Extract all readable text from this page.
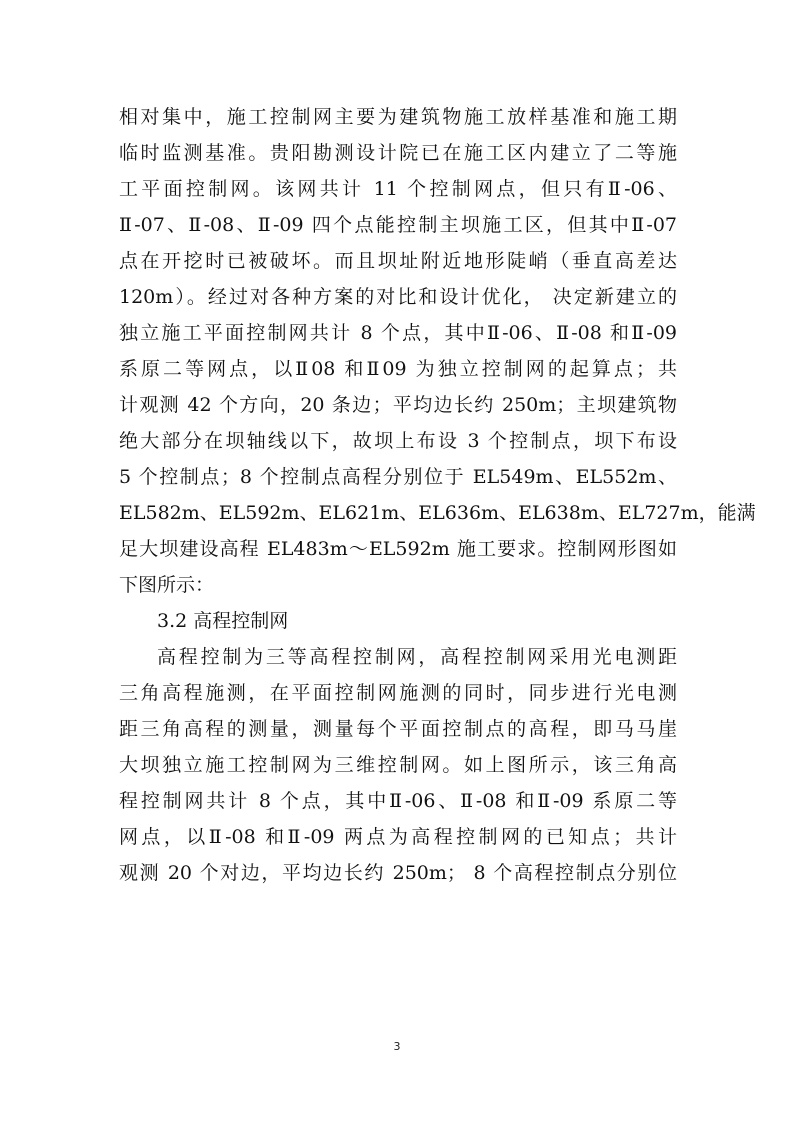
相对集中，施工控制网主要为建筑物施工放样基准和施工期
临时监测基准。贵阳勘测设计院已在施工区内建立了二等施
工平面控制网。该网共计 11 个控制网点，但只有Ⅱ-06、
Ⅱ-07、Ⅱ-08、Ⅱ-09 四个点能控制主坝施工区，但其中Ⅱ-07
点在开挖时已被破坏。而且坝址附近地形陡峭（垂直高差达
120m）。经过对各种方案的对比和设计优化， 决定新建立的
独立施工平面控制网共计 8 个点，其中Ⅱ-06、Ⅱ-08 和Ⅱ-09
系原二等网点，以Ⅱ08 和Ⅱ09 为独立控制网的起算点；共
计观测 42 个方向，20 条边；平均边长约 250m；主坝建筑物
绝大部分在坝轴线以下，故坝上布设 3 个控制点，坝下布设
5 个控制点；8 个控制点高程分别位于 EL549m、EL552m、
EL582m、EL592m、EL621m、EL636m、EL638m、EL727m，能满
足大坝建设高程 EL483m～EL592m 施工要求。控制网形图如
下图所示：
3.2 高程控制网
高程控制为三等高程控制网，高程控制网采用光电测距
三角高程施测，在平面控制网施测的同时，同步进行光电测
距三角高程的测量，测量每个平面控制点的高程，即马马崖
大坝独立施工控制网为三维控制网。如上图所示，该三角高
程控制网共计 8 个点，其中Ⅱ-06、Ⅱ-08 和Ⅱ-09 系原二等
网点，以Ⅱ-08 和Ⅱ-09 两点为高程控制网的已知点；共计
观测 20 个对边，平均边长约 250m； 8 个高程控制点分别位
3
